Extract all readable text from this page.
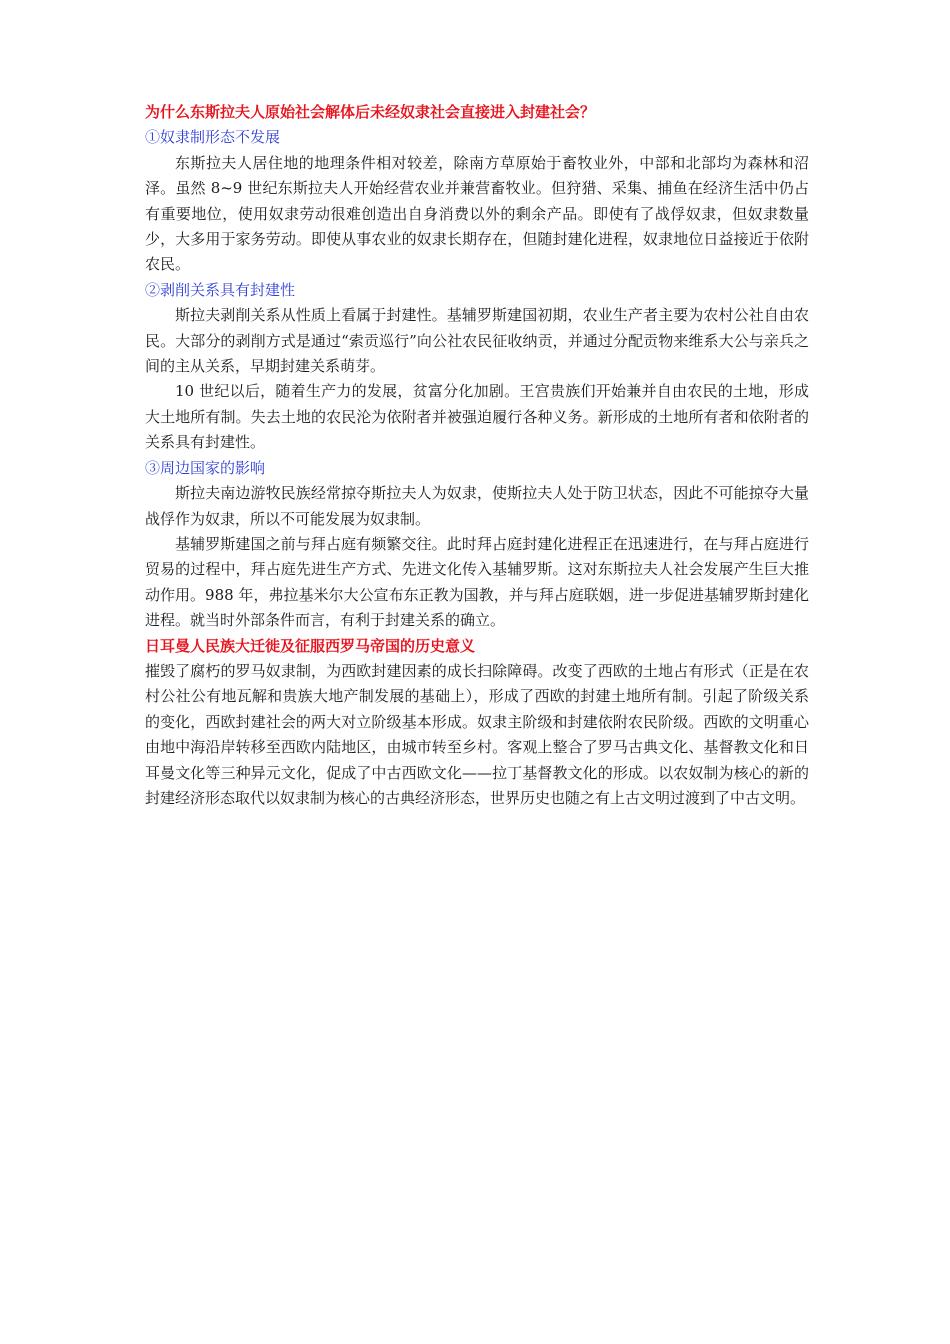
为什么东斯拉夫人原始社会解体后未经奴隶社会直接进入封建社会？

①奴隶制形态不发展

东斯拉夫人居住地的地理条件相对较差，除南方草原始于畜牧业外，中部和北部均为森林和沼泽。虽然 8~9 世纪东斯拉夫人开始经营农业并兼营畜牧业。但狩猎、采集、捕鱼在经济生活中仍占有重要地位，使用奴隶劳动很难创造出自身消费以外的剩余产品。即使有了战俘奴隶，但奴隶数量少，大多用于家务劳动。即使从事农业的奴隶长期存在，但随封建化进程，奴隶地位日益接近于依附农民。

②剥削关系具有封建性

斯拉夫剥削关系从性质上看属于封建性。基辅罗斯建国初期，农业生产者主要为农村公社自由农民。大部分的剥削方式是通过“索贡巡行”向公社农民征收纳贡，并通过分配贡物来维系大公与亲兵之间的主从关系，早期封建关系萌芽。

10 世纪以后，随着生产力的发展，贫富分化加剧。王宫贵族们开始兼并自由农民的土地，形成大土地所有制。失去土地的农民沦为依附者并被强迫履行各种义务。新形成的土地所有者和依附者的关系具有封建性。

③周边国家的影响

斯拉夫南边游牧民族经常掠夺斯拉夫人为奴隶，使斯拉夫人处于防卫状态，因此不可能掠夺大量战俘作为奴隶，所以不可能发展为奴隶制。

基辅罗斯建国之前与拜占庭有频繁交往。此时拜占庭封建化进程正在迅速进行，在与拜占庭进行贸易的过程中，拜占庭先进生产方式、先进文化传入基辅罗斯。这对东斯拉夫人社会发展产生巨大推动作用。988 年，弗拉基米尔大公宣布东正教为国教，并与拜占庭联姻，进一步促进基辅罗斯封建化进程。就当时外部条件而言，有利于封建关系的确立。

日耳曼人民族大迁徙及征服西罗马帝国的历史意义

摧毁了腐朽的罗马奴隶制，为西欧封建因素的成长扫除障碍。改变了西欧的土地占有形式（正是在农村公社公有地瓦解和贵族大地产制发展的基础上），形成了西欧的封建土地所有制。引起了阶级关系的变化，西欧封建社会的两大对立阶级基本形成。奴隶主阶级和封建依附农民阶级。西欧的文明重心由地中海沿岸转移至西欧内陆地区，由城市转至乡村。客观上整合了罗马古典文化、基督教文化和日耳曼文化等三种异元文化，促成了中古西欧文化——拉丁基督教文化的形成。以农奴制为核心的新的封建经济形态取代以奴隶制为核心的古典经济形态，世界历史也随之有上古文明过渡到了中古文明。
